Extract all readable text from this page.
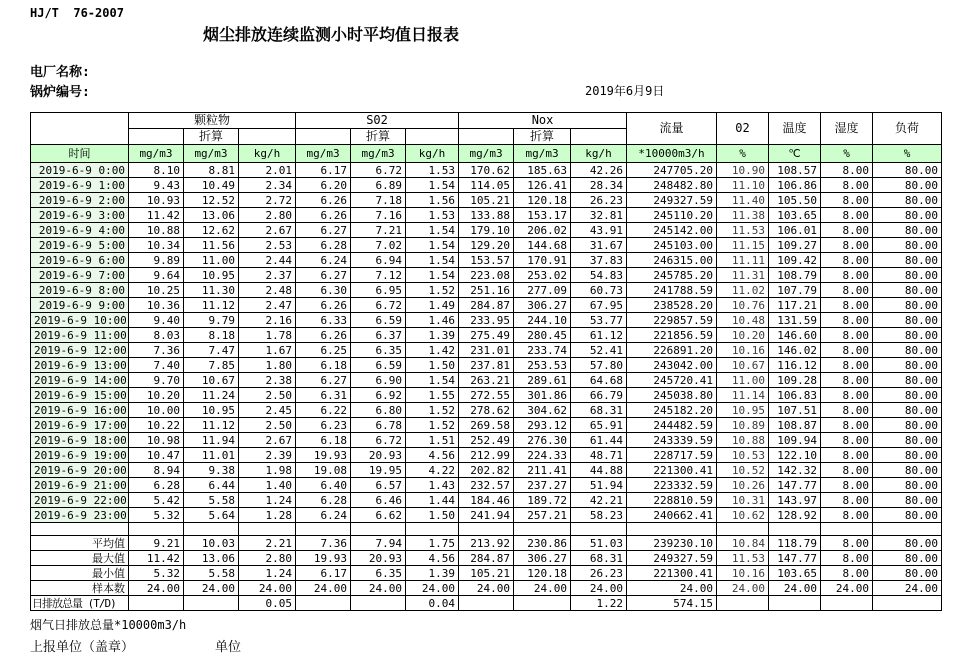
HJ/T  76-2007
烟尘排放连续监测小时平均值日报表
电厂名称:
锅炉编号:	2019年6月9日
	颗粒物			S02			Nox			流量	02	温度	湿度	负荷
		折算			折算			折算						
时间	mg/m3	mg/m3	kg/h	mg/m3	mg/m3	kg/h	mg/m3	mg/m3	kg/h	*10000m3/h	%	℃	%	%
2019-6-9 0:00	8.10	8.81	2.01	6.17	6.72	1.53	170.62	185.63	42.26	247705.20	10.90	108.57	8.00	80.00
2019-6-9 1:00	9.43	10.49	2.34	6.20	6.89	1.54	114.05	126.41	28.34	248482.80	11.10	106.86	8.00	80.00
2019-6-9 2:00	10.93	12.52	2.72	6.26	7.18	1.56	105.21	120.18	26.23	249327.59	11.40	105.50	8.00	80.00
2019-6-9 3:00	11.42	13.06	2.80	6.26	7.16	1.53	133.88	153.17	32.81	245110.20	11.38	103.65	8.00	80.00
2019-6-9 4:00	10.88	12.62	2.67	6.27	7.21	1.54	179.10	206.02	43.91	245142.00	11.53	106.01	8.00	80.00
2019-6-9 5:00	10.34	11.56	2.53	6.28	7.02	1.54	129.20	144.68	31.67	245103.00	11.15	109.27	8.00	80.00
2019-6-9 6:00	9.89	11.00	2.44	6.24	6.94	1.54	153.57	170.91	37.83	246315.00	11.11	109.42	8.00	80.00
2019-6-9 7:00	9.64	10.95	2.37	6.27	7.12	1.54	223.08	253.02	54.83	245785.20	11.31	108.79	8.00	80.00
2019-6-9 8:00	10.25	11.30	2.48	6.30	6.95	1.52	251.16	277.09	60.73	241788.59	11.02	107.79	8.00	80.00
2019-6-9 9:00	10.36	11.12	2.47	6.26	6.72	1.49	284.87	306.27	67.95	238528.20	10.76	117.21	8.00	80.00
2019-6-9 10:00	9.40	9.79	2.16	6.33	6.59	1.46	233.95	244.10	53.77	229857.59	10.48	131.59	8.00	80.00
2019-6-9 11:00	8.03	8.18	1.78	6.26	6.37	1.39	275.49	280.45	61.12	221856.59	10.20	146.60	8.00	80.00
2019-6-9 12:00	7.36	7.47	1.67	6.25	6.35	1.42	231.01	233.74	52.41	226891.20	10.16	146.02	8.00	80.00
2019-6-9 13:00	7.40	7.85	1.80	6.18	6.59	1.50	237.81	253.53	57.80	243042.00	10.67	116.12	8.00	80.00
2019-6-9 14:00	9.70	10.67	2.38	6.27	6.90	1.54	263.21	289.61	64.68	245720.41	11.00	109.28	8.00	80.00
2019-6-9 15:00	10.20	11.24	2.50	6.31	6.92	1.55	272.55	301.86	66.79	245038.80	11.14	106.83	8.00	80.00
2019-6-9 16:00	10.00	10.95	2.45	6.22	6.80	1.52	278.62	304.62	68.31	245182.20	10.95	107.51	8.00	80.00
2019-6-9 17:00	10.22	11.12	2.50	6.23	6.78	1.52	269.58	293.12	65.91	244482.59	10.89	108.87	8.00	80.00
2019-6-9 18:00	10.98	11.94	2.67	6.18	6.72	1.51	252.49	276.30	61.44	243339.59	10.88	109.94	8.00	80.00
2019-6-9 19:00	10.47	11.01	2.39	19.93	20.93	4.56	212.99	224.33	48.71	228717.59	10.53	122.10	8.00	80.00
2019-6-9 20:00	8.94	9.38	1.98	19.08	19.95	4.22	202.82	211.41	44.88	221300.41	10.52	142.32	8.00	80.00
2019-6-9 21:00	6.28	6.44	1.40	6.40	6.57	1.43	232.57	237.27	51.94	223332.59	10.26	147.77	8.00	80.00
2019-6-9 22:00	5.42	5.58	1.24	6.28	6.46	1.44	184.46	189.72	42.21	228810.59	10.31	143.97	8.00	80.00
2019-6-9 23:00	5.32	5.64	1.28	6.24	6.62	1.50	241.94	257.21	58.23	240662.41	10.62	128.92	8.00	80.00

平均值	9.21	10.03	2.21	7.36	7.94	1.75	213.92	230.86	51.03	239230.10	10.84	118.79	8.00	80.00
最大值	11.42	13.06	2.80	19.93	20.93	4.56	284.87	306.27	68.31	249327.59	11.53	147.77	8.00	80.00
最小值	5.32	5.58	1.24	6.17	6.35	1.39	105.21	120.18	26.23	221300.41	10.16	103.65	8.00	80.00
样本数	24.00	24.00	24.00	24.00	24.00	24.00	24.00	24.00	24.00	24.00	24.00	24.00	24.00	24.00
日排放总量 (T/D)			0.05			0.04			1.22	574.15				
烟气日排放总量*10000m3/h
上报单位（盖章）	单位
